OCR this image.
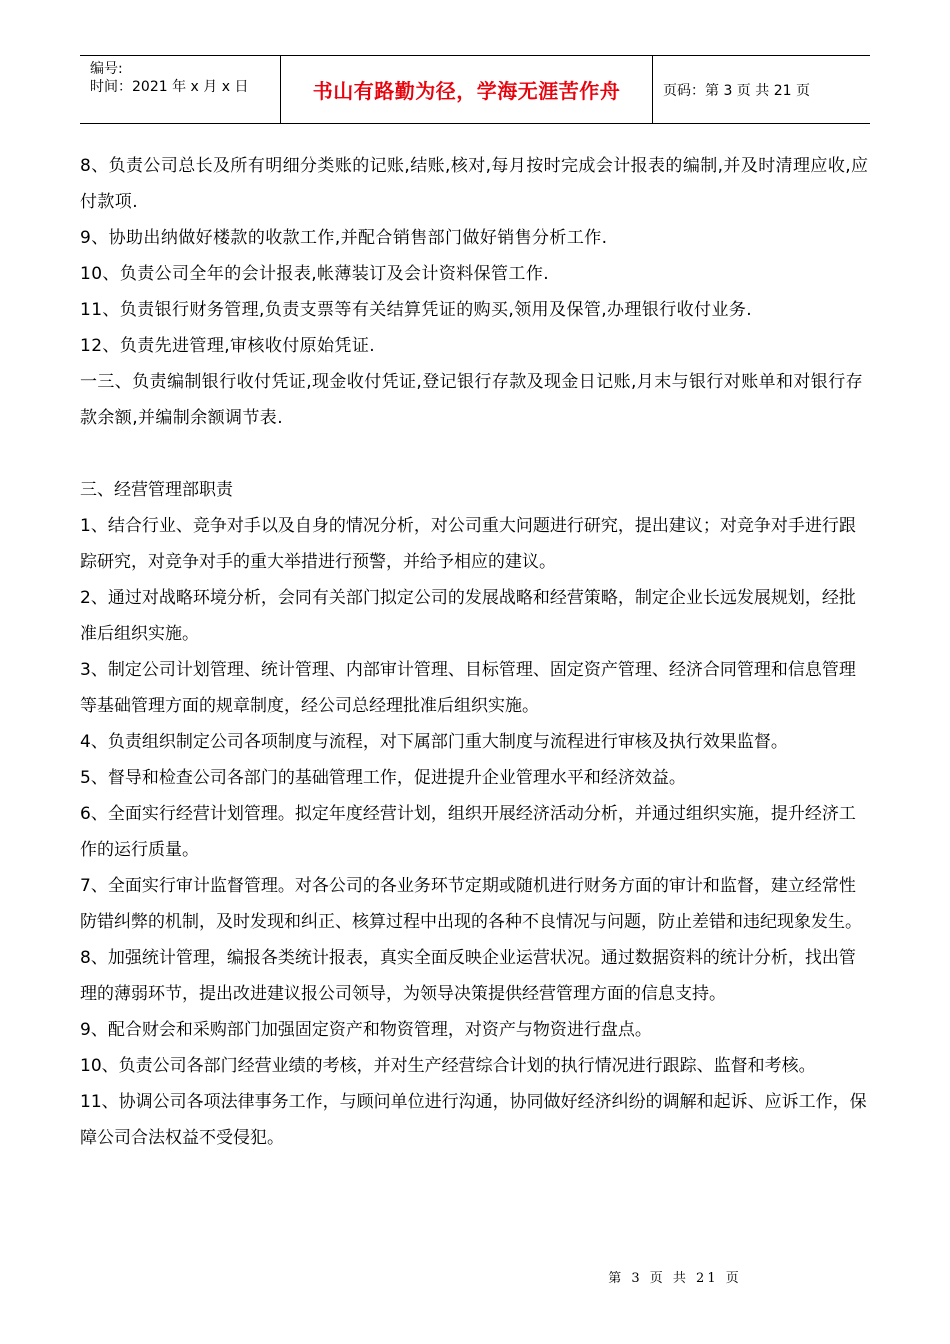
编号:
时间：2021 年 x 月 x 日	书山有路勤为径，学海无涯苦作舟	页码：第 3 页 共 21 页

8、负责公司总长及所有明细分类账的记账,结账,核对,每月按时完成会计报表的编制,并及时清理应收,应付款项.

9、协助出纳做好楼款的收款工作,并配合销售部门做好销售分析工作.

10、负责公司全年的会计报表,帐薄装订及会计资料保管工作.

11、负责银行财务管理,负责支票等有关结算凭证的购买,领用及保管,办理银行收付业务.

12、负责先进管理,审核收付原始凭证.

一三、负责编制银行收付凭证,现金收付凭证,登记银行存款及现金日记账,月末与银行对账单和对银行存款余额,并编制余额调节表.

三、经营管理部职责

1、结合行业、竞争对手以及自身的情况分析，对公司重大问题进行研究，提出建议；对竞争对手进行跟踪研究，对竞争对手的重大举措进行预警，并给予相应的建议。

2、通过对战略环境分析，会同有关部门拟定公司的发展战略和经营策略，制定企业长远发展规划，经批准后组织实施。

3、制定公司计划管理、统计管理、内部审计管理、目标管理、固定资产管理、经济合同管理和信息管理等基础管理方面的规章制度，经公司总经理批准后组织实施。

4、负责组织制定公司各项制度与流程，对下属部门重大制度与流程进行审核及执行效果监督。

5、督导和检查公司各部门的基础管理工作，促进提升企业管理水平和经济效益。

6、全面实行经营计划管理。拟定年度经营计划，组织开展经济活动分析，并通过组织实施，提升经济工作的运行质量。

7、全面实行审计监督管理。对各公司的各业务环节定期或随机进行财务方面的审计和监督，建立经常性防错纠弊的机制，及时发现和纠正、核算过程中出现的各种不良情况与问题，防止差错和违纪现象发生。

8、加强统计管理，编报各类统计报表，真实全面反映企业运营状况。通过数据资料的统计分析，找出管理的薄弱环节，提出改进建议报公司领导，为领导决策提供经营管理方面的信息支持。

9、配合财会和采购部门加强固定资产和物资管理，对资产与物资进行盘点。

10、负责公司各部门经营业绩的考核，并对生产经营综合计划的执行情况进行跟踪、监督和考核。

11、协调公司各项法律事务工作，与顾问单位进行沟通，协同做好经济纠纷的调解和起诉、应诉工作，保障公司合法权益不受侵犯。

第 3 页 共 21 页
